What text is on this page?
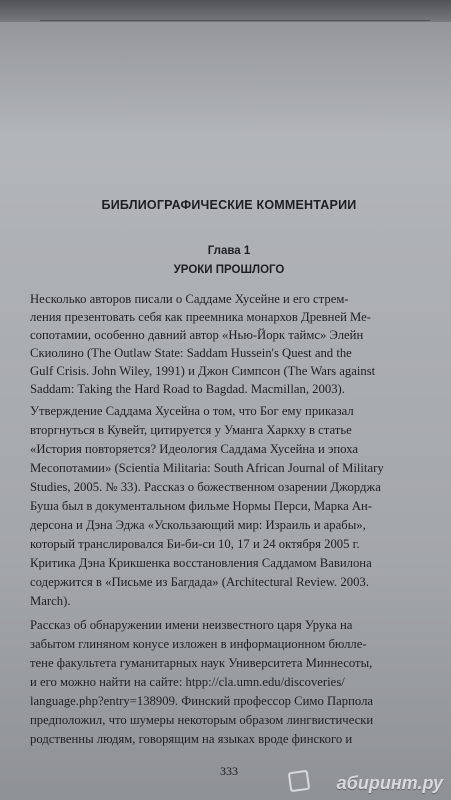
БИБЛИОГРАФИЧЕСКИЕ КОММЕНТАРИИ
Глава 1
УРОКИ ПРОШЛОГО
Несколько авторов писали о Саддаме Хусейне и его стрем-
ления презентовать себя как преемника монархов Древней Ме-
сопотамии, особенно давний автор «Нью-Йорк таймс» Элейн
Скиолино (The Outlaw State: Saddam Hussein's Quest and the
Gulf Crisis. John Wiley, 1991) и Джон Симпсон (The Wars against
Saddam: Taking the Hard Road to Bagdad. Macmillan, 2003).
Утверждение Саддама Хусейна о том, что Бог ему приказал
вторгнуться в Кувейт, цитируется у Уманга Харкху в статье
«История повторяется? Идеология Саддама Хусейна и эпоха
Месопотамии» (Scientia Militaria: South African Journal of Military
Studies, 2005. № 33). Рассказ о божественном озарении Джорджа
Буша был в документальном фильме Нормы Перси, Марка Ан-
дерсона и Дэна Эджа «Ускользающий мир: Израиль и арабы»,
который транслировался Би-би-си 10, 17 и 24 октября 2005 г.
Критика Дэна Крикшенка восстановления Саддамом Вавилона
содержится в «Письме из Багдада» (Architectural Review. 2003.
March).
Рассказ об обнаружении имени неизвестного царя Урука на
забытом глиняном конусе изложен в информационном бюлле-
тене факультета гуманитарных наук Университета Миннесоты,
и его можно найти на сайте: htpp://cla.umn.edu/discoveries/
language.php?entry=138909. Финский профессор Симо Парпола
предположил, что шумеры некоторым образом лингвистически
родственны людям, говорящим на языках вроде финского и
333
абиринт.ру
